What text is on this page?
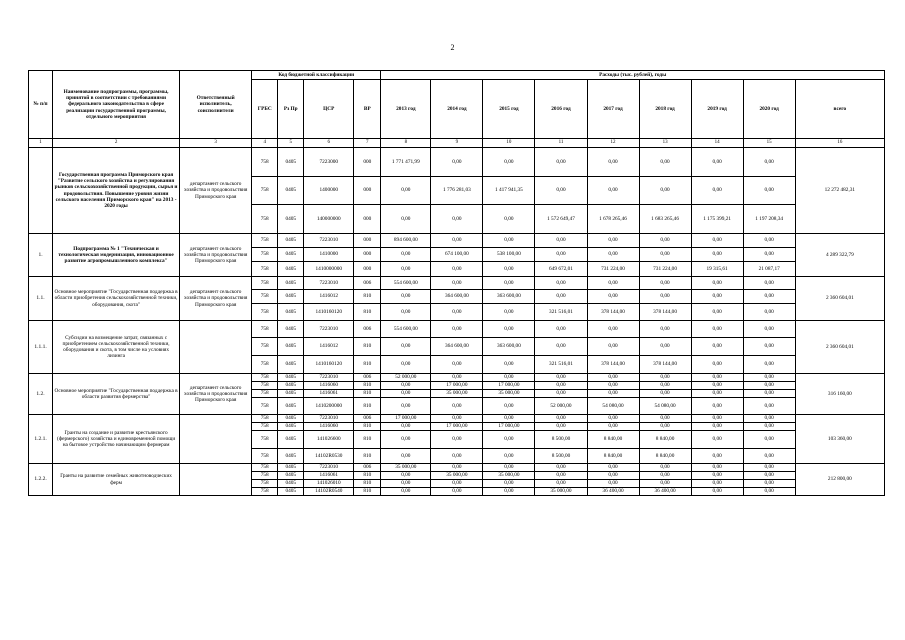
2
№ п/п	Наименование подпрограммы, программы, принятой в соответствии с требованиями федерального законодательства в сфере реализации государственной программы, отдельного мероприятия	Ответственный исполнитель, соисполнители	Код бюджетной классификации				Расходы (тыс. рублей), годы								
			ГРБС	Рз Пр	ЦСР	ВР	2013 год	2014 год	2015 год	2016 год	2017 год	2018 год	2019 год	2020 год	всего
1	2	3	4	5	6	7	8	9	10	11	12	13	14	15	16
	Государственная программа Приморского края "Развитие сельского хозяйства и регулирования рынков сельскохозяйственной продукции, сырья и продовольствия. Повышение уровня жизни сельского населения Приморского края" на 2013 - 2020 годы	департамент сельского хозяйства и продовольствия Приморского края	758	0405	7223000	000	1 771 471,99	0,00	0,00	0,00	0,00	0,00	0,00	0,00	12 272 482,31
			758	0405	1400000	000	0,00	1 776 281,03	1 417 941,35	0,00	0,00	0,00	0,00	0,00	
			758	0405	140000000	000	0,00	0,00	0,00	1 572 649,47	1 678 265,46	1 683 265,46	1 175 399,21	1 197 208,34	
1.	Подпрограмма № 1 "Техническая и технологическая модернизация, инновационное развитие агропромышленного комплекса"	департамент сельского хозяйства и продовольствия Приморского края	758	0405	7223010	000	894 600,00	0,00	0,00	0,00	0,00	0,00	0,00	0,00	4 289 322,79
			758	0405	1410000	000	0,00	674 100,00	538 100,00	0,00	0,00	0,00	0,00	0,00	
			758	0405	1410000000	000	0,00	0,00	0,00	649 672,01	731 224,00	731 224,00	19 315,61	21 087,17	
1.1.	Основное мероприятие "Государственная поддержка в области приобретения сельскохозяйственной техники, оборудования, скота"	департамент сельского хозяйства и продовольствия Приморского края	758	0405	7223010	006	554 600,00	0,00	0,00	0,00	0,00	0,00	0,00	0,00	2 360 604,01
			758	0405	1416012	810	0,00	364 600,00	363 600,00	0,00	0,00	0,00	0,00	0,00	
			758	0405	1410160120	810	0,00	0,00	0,00	321 516,01	378 144,00	378 144,00	0,00	0,00	
1.1.1.	Субсидии на возмещение затрат, связанных с приобретением сельскохозяйственной техники, оборудования и скота, в том числе на условиях лизинга		758	0405	7223010	006	554 600,00	0,00	0,00	0,00	0,00	0,00	0,00	0,00	2 360 604,01
			758	0405	1416012	810	0,00	364 600,00	363 600,00	0,00	0,00	0,00	0,00	0,00	
			758	0405	1410160120	810	0,00	0,00	0,00	321 516,01	378 144,00	378 144,00	0,00	0,00	
1.2.	Основное мероприятие "Государственная поддержка в области развития фермерства"	департамент сельского хозяйства и продовольствия Приморского края	758	0405	7223010	006	52 000,00	0,00	0,00	0,00	0,00	0,00	0,00	0,00	316 160,00
			758	0405	1416060	810	0,00	17 000,00	17 000,00	0,00	0,00	0,00	0,00	0,00	
			758	0405	1416061	810	0,00	35 000,00	35 000,00	0,00	0,00	0,00	0,00	0,00	
			758	0405	1410200000	810	0,00	0,00	0,00	52 000,00	54 080,00	54 080,00	0,00	0,00	
1.2.1.	Гранты на создание и развитие крестьянского (фермерского) хозяйства и единовременной помощи на бытовое устройство начинающим фермерам		758	0405	7223010	006	17 000,00	0,00	0,00	0,00	0,00	0,00	0,00	0,00	103 360,00
			758	0405	1416060	810	0,00	17 000,00	17 000,00	0,00	0,00	0,00	0,00	0,00	
			758	0405	141026600	810	0,00	0,00	0,00	8 500,00	8 840,00	8 840,00	0,00	0,00	
			758	0405	14102R0530	810	0,00	0,00	0,00	8 500,00	8 840,00	8 840,00	0,00	0,00	
1.2.2.	Гранты на развитие семейных животноводческих ферм		758	0405	7223010	006	35 000,00	0,00	0,00	0,00	0,00	0,00	0,00	0,00	212 800,00
			758	0405	1416061	810	0,00	35 000,00	35 000,00	0,00	0,00	0,00	0,00	0,00	
			758	0405	141026010	810	0,00	0,00	0,00	0,00	0,00	0,00	0,00	0,00	
			758	0405	14102R0540	810	0,00	0,00	0,00	35 000,00	36 400,00	36 400,00	0,00	0,00	
